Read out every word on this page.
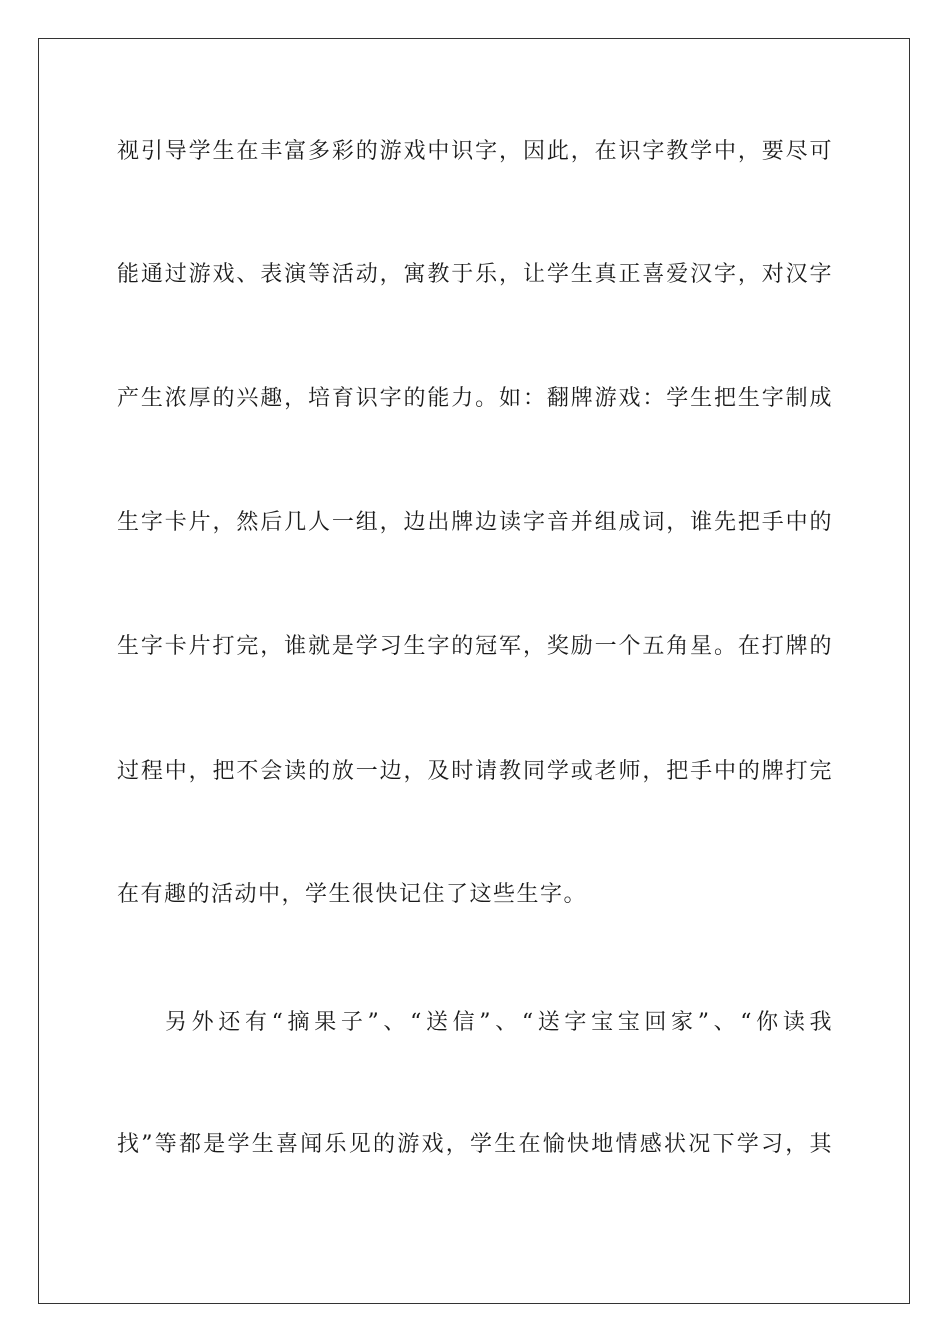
视引导学生在丰富多彩的游戏中识字，因此，在识字教学中，要尽可
能通过游戏、表演等活动，寓教于乐，让学生真正喜爱汉字，对汉字
产生浓厚的兴趣，培育识字的能力。如：翻牌游戏：学生把生字制成
生字卡片，然后几人一组，边出牌边读字音并组成词，谁先把手中的
生字卡片打完，谁就是学习生字的冠军，奖励一个五角星。在打牌的
过程中，把不会读的放一边，及时请教同学或老师，把手中的牌打完
在有趣的活动中，学生很快记住了这些生字。
另外还有“摘果子”、“送信”、“送字宝宝回家”、“你读我
找”等都是学生喜闻乐见的游戏，学生在愉快地情感状况下学习，其
